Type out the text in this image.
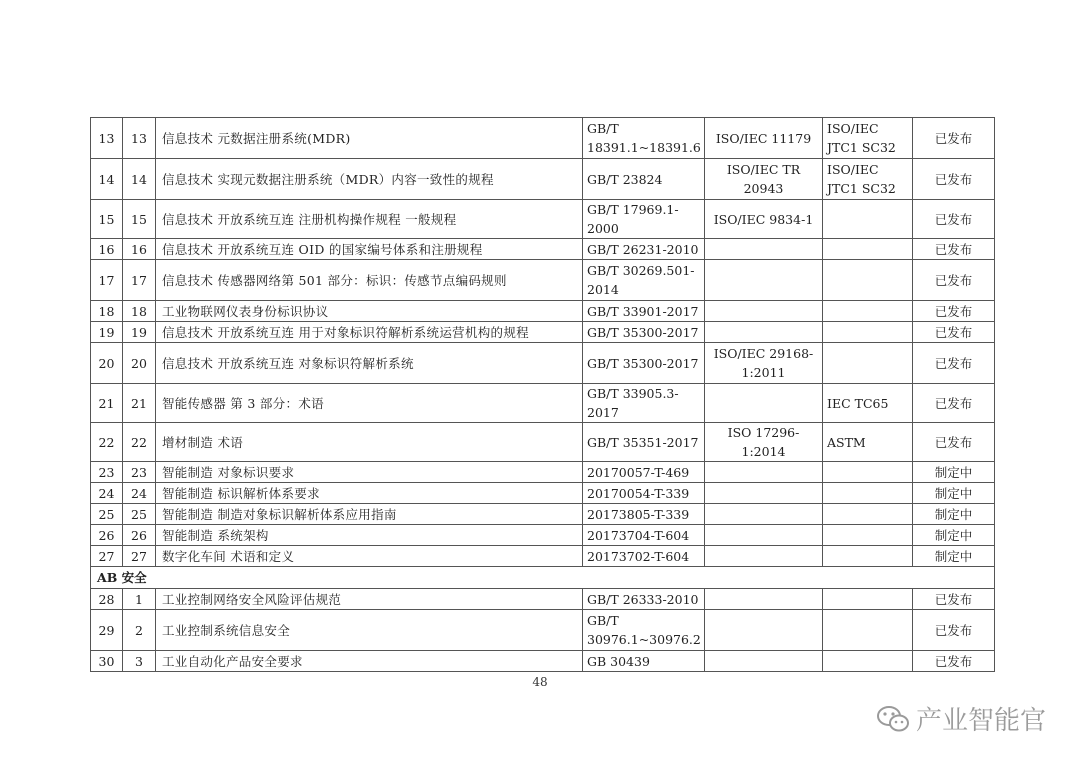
13	13	信息技术 元数据注册系统(MDR)	GB/T 18391.1~18391.6	ISO/IEC 11179	ISO/IEC JTC1 SC32	已发布
14	14	信息技术 实现元数据注册系统（MDR）内容一致性的规程	GB/T 23824	ISO/IEC TR 20943	ISO/IEC JTC1 SC32	已发布
15	15	信息技术 开放系统互连 注册机构操作规程 一般规程	GB/T 17969.1-2000	ISO/IEC 9834-1		已发布
16	16	信息技术 开放系统互连 OID 的国家编号体系和注册规程	GB/T 26231-2010			已发布
17	17	信息技术 传感器网络第 501 部分：标识：传感节点编码规则	GB/T 30269.501-2014			已发布
18	18	工业物联网仪表身份标识协议	GB/T 33901-2017			已发布
19	19	信息技术 开放系统互连 用于对象标识符解析系统运营机构的规程	GB/T 35300-2017			已发布
20	20	信息技术 开放系统互连 对象标识符解析系统	GB/T 35300-2017	ISO/IEC 29168-1:2011		已发布
21	21	智能传感器 第 3 部分：术语	GB/T 33905.3-2017		IEC TC65	已发布
22	22	增材制造 术语	GB/T 35351-2017	ISO 17296-1:2014	ASTM	已发布
23	23	智能制造 对象标识要求	20170057-T-469			制定中
24	24	智能制造 标识解析体系要求	20170054-T-339			制定中
25	25	智能制造 制造对象标识解析体系应用指南	20173805-T-339			制定中
26	26	智能制造 系统架构	20173704-T-604			制定中
27	27	数字化车间 术语和定义	20173702-T-604			制定中
AB 安全						
28	1	工业控制网络安全风险评估规范	GB/T 26333-2010			已发布
29	2	工业控制系统信息安全	GB/T 30976.1~30976.2			已发布
30	3	工业自动化产品安全要求	GB 30439			已发布
48
产业智能官
